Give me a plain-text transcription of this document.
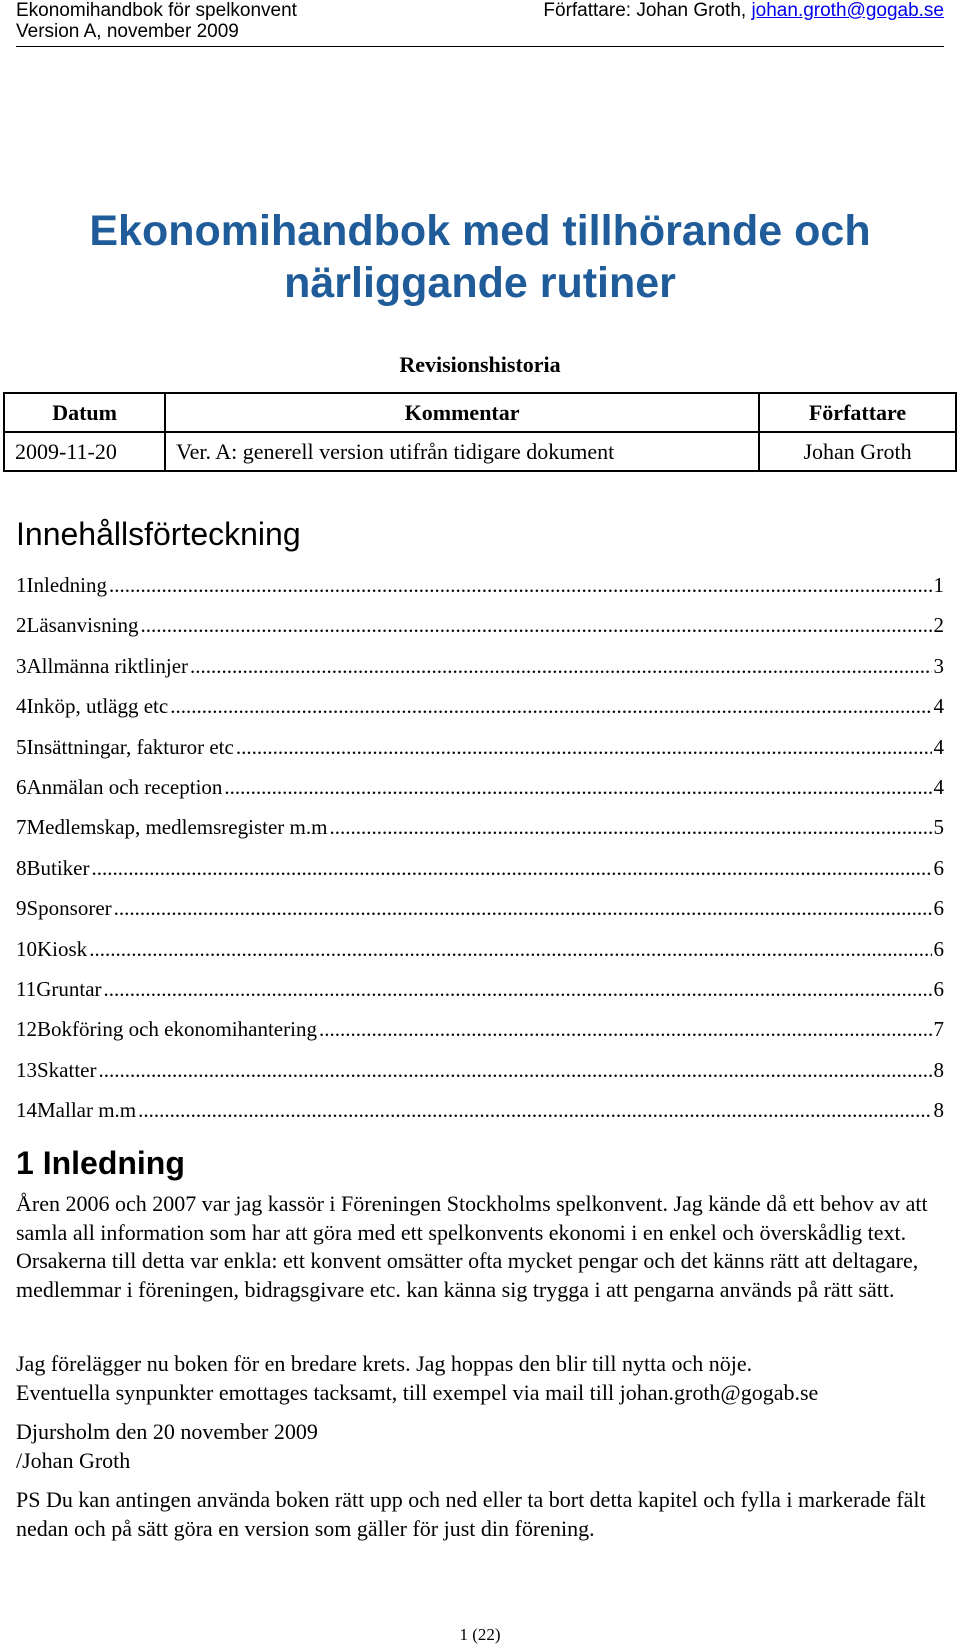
Ekonomihandbok för spelkonvent
Version A, november 2009
Författare: Johan Groth, johan.groth@gogab.se
Ekonomihandbok med tillhörande och
närliggande rutiner
Revisionshistoria
Datum	Kommentar	Författare
2009-11-20	Ver. A: generell version utifrån tidigare dokument	Johan Groth
Innehållsförteckning
1Inledning .....	1
2Läsanvisning .....	2
3Allmänna riktlinjer .....	3
4Inköp, utlägg etc .....	4
5Insättningar, fakturor etc .....	4
6Anmälan och reception .....	4
7Medlemskap, medlemsregister m.m .....	5
8Butiker .....	6
9Sponsorer .....	6
10Kiosk .....	6
11Gruntar .....	6
12Bokföring och ekonomihantering .....	7
13Skatter .....	8
14Mallar m.m .....	8
1 Inledning

Åren 2006 och 2007 var jag kassör i Föreningen Stockholms spelkonvent. Jag kände då ett behov av att samla all information som har att göra med ett spelkonvents ekonomi i en enkel och överskådlig text. Orsakerna till detta var enkla: ett konvent omsätter ofta mycket pengar och det känns rätt att deltagare, medlemmar i föreningen, bidragsgivare etc. kan känna sig trygga i att pengarna används på rätt sätt.

Jag förelägger nu boken för en bredare krets. Jag hoppas den blir till nytta och nöje.
Eventuella synpunkter emottages tacksamt, till exempel via mail till johan.groth@gogab.se

Djursholm den 20 november 2009
/Johan Groth

PS Du kan antingen använda boken rätt upp och ned eller ta bort detta kapitel och fylla i markerade fält nedan och på sätt göra en version som gäller för just din förening.

1 (22)
